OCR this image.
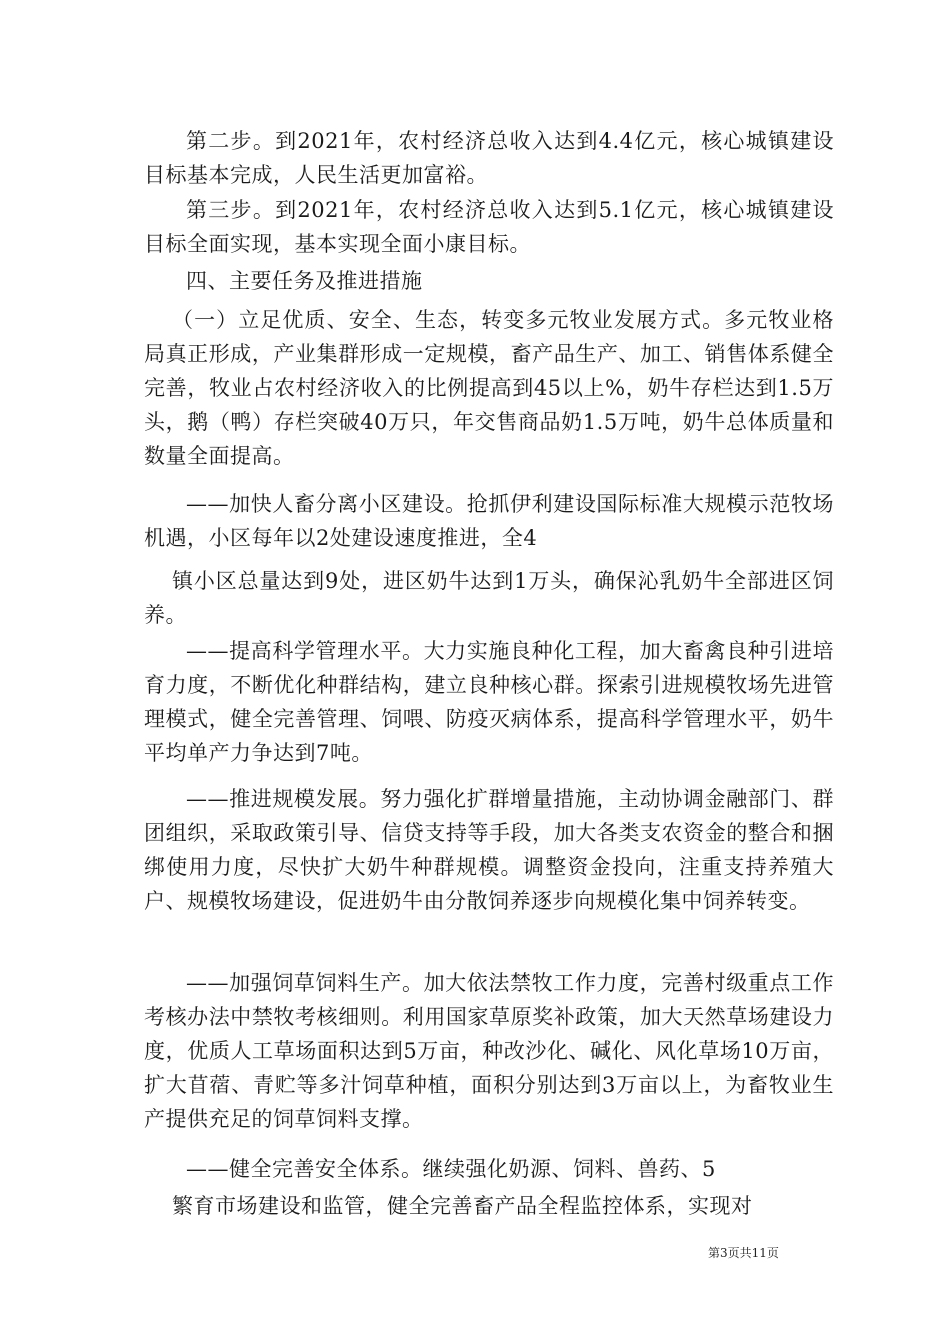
第二步。到2021年，农村经济总收入达到4.4亿元，核心城镇建设目标基本完成，人民生活更加富裕。

第三步。到2021年，农村经济总收入达到5.1亿元，核心城镇建设目标全面实现，基本实现全面小康目标。

四、主要任务及推进措施

（一）立足优质、安全、生态，转变多元牧业发展方式。多元牧业格局真正形成，产业集群形成一定规模，畜产品生产、加工、销售体系健全完善，牧业占农村经济收入的比例提高到45以上%，奶牛存栏达到1.5万头，鹅（鸭）存栏突破40万只，年交售商品奶1.5万吨，奶牛总体质量和数量全面提高。

——加快人畜分离小区建设。抢抓伊利建设国际标准大规模示范牧场机遇，小区每年以2处建设速度推进，全4

镇小区总量达到9处，进区奶牛达到1万头，确保沁乳奶牛全部进区饲养。

——提高科学管理水平。大力实施良种化工程，加大畜禽良种引进培育力度，不断优化种群结构，建立良种核心群。探索引进规模牧场先进管理模式，健全完善管理、饲喂、防疫灭病体系，提高科学管理水平，奶牛平均单产力争达到7吨。

——推进规模发展。努力强化扩群增量措施，主动协调金融部门、群团组织，采取政策引导、信贷支持等手段，加大各类支农资金的整合和捆绑使用力度，尽快扩大奶牛种群规模。调整资金投向，注重支持养殖大户、规模牧场建设，促进奶牛由分散饲养逐步向规模化集中饲养转变。

——加强饲草饲料生产。加大依法禁牧工作力度，完善村级重点工作考核办法中禁牧考核细则。利用国家草原奖补政策，加大天然草场建设力度，优质人工草场面积达到5万亩，种改沙化、碱化、风化草场10万亩，扩大苜蓿、青贮等多汁饲草种植，面积分别达到3万亩以上，为畜牧业生产提供充足的饲草饲料支撑。

——健全完善安全体系。继续强化奶源、饲料、兽药、5

繁育市场建设和监管，健全完善畜产品全程监控体系，实现对

第3页共11页
